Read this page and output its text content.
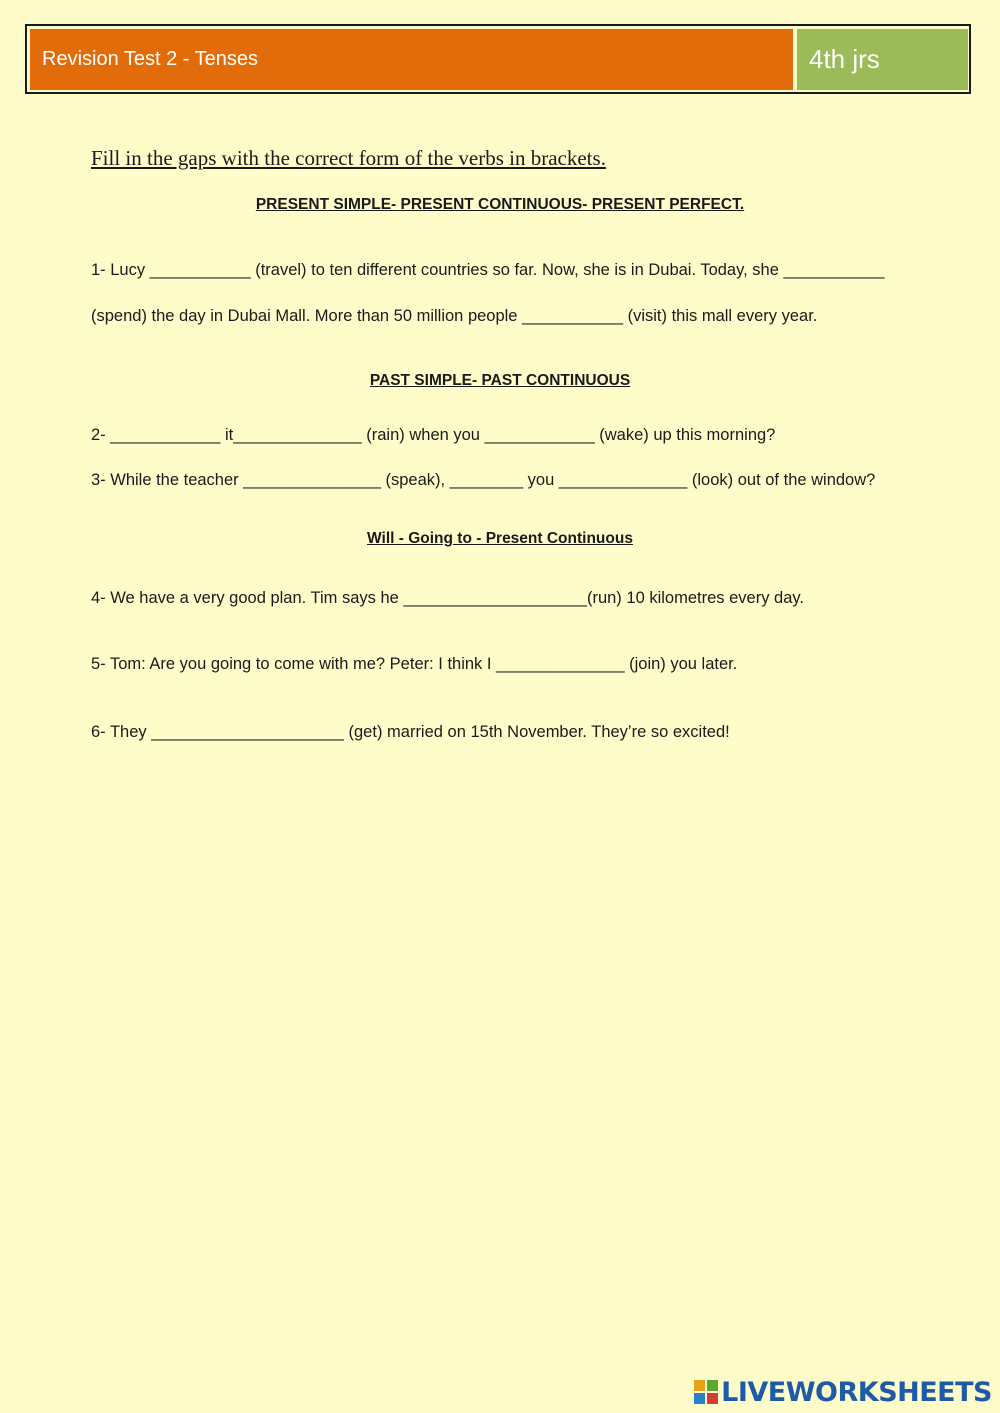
Revision Test 2 - Tenses	4th jrs
Fill in the gaps with the correct form of the verbs in brackets.
PRESENT SIMPLE- PRESENT CONTINUOUS- PRESENT PERFECT.
1- Lucy ___________ (travel) to ten different countries so far. Now, she is in Dubai. Today, she ___________
(spend) the day in Dubai Mall. More than 50 million people ___________ (visit) this mall every year.
PAST SIMPLE- PAST CONTINUOUS
2- ____________ it______________ (rain) when you ____________ (wake) up this morning?
3- While the teacher _______________ (speak), ________ you ______________ (look) out of the window?
Will - Going to - Present Continuous
4- We have a very good plan. Tim says he ____________________(run) 10 kilometres every day.
5- Tom: Are you going to come with me? Peter: I think I ______________ (join) you later.
6- They _____________________ (get) married on 15th November. They’re so excited!
LIVEWORKSHEETS
